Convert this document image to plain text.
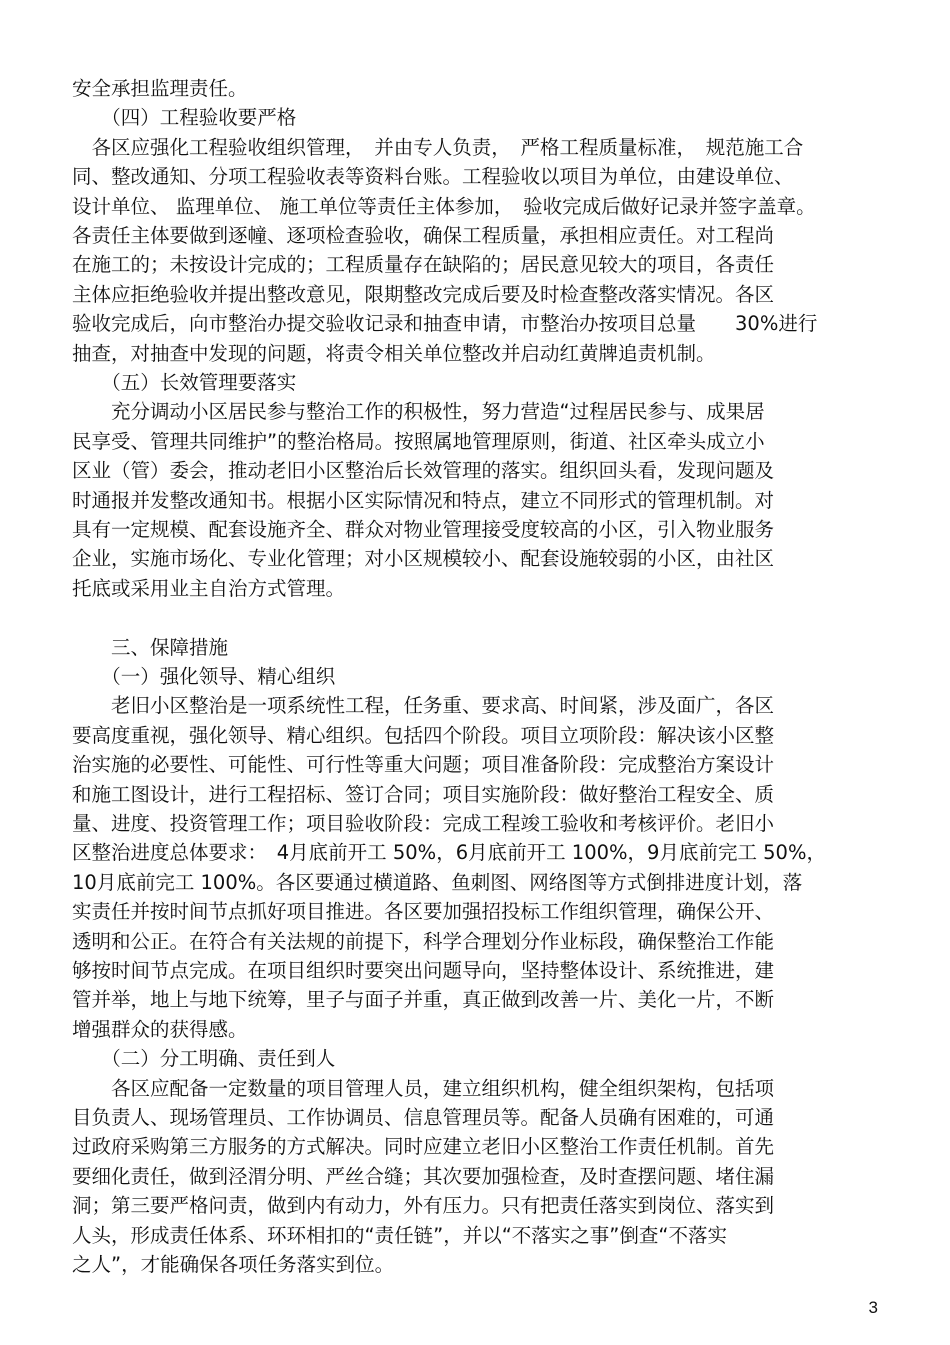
安全承担监理责任。
　　（四）工程验收要严格
　各区应强化工程验收组织管理，　并由专人负责，　严格工程质量标准，　规范施工合
同、整改通知、分项工程验收表等资料台账。工程验收以项目为单位，由建设单位、
设计单位、 监理单位、 施工单位等责任主体参加，　验收完成后做好记录并签字盖章。
各责任主体要做到逐幢、逐项检查验收，确保工程质量，承担相应责任。对工程尚
在施工的；未按设计完成的；工程质量存在缺陷的；居民意见较大的项目，各责任
主体应拒绝验收并提出整改意见，限期整改完成后要及时检查整改落实情况。各区
验收完成后，向市整治办提交验收记录和抽查申请，市整治办按项目总量　　30%进行
抽查，对抽查中发现的问题，将责令相关单位整改并启动红黄牌追责机制。
　　（五）长效管理要落实
　　充分调动小区居民参与整治工作的积极性，努力营造“过程居民参与、成果居
民享受、管理共同维护”的整治格局。按照属地管理原则，街道、社区牵头成立小
区业（管）委会，推动老旧小区整治后长效管理的落实。组织回头看，发现问题及
时通报并发整改通知书。根据小区实际情况和特点，建立不同形式的管理机制。对
具有一定规模、配套设施齐全、群众对物业管理接受度较高的小区，引入物业服务
企业，实施市场化、专业化管理；对小区规模较小、配套设施较弱的小区，由社区
托底或采用业主自治方式管理。
　　三、保障措施
　　（一）强化领导、精心组织
　　老旧小区整治是一项系统性工程，任务重、要求高、时间紧，涉及面广，各区
要高度重视，强化领导、精心组织。包括四个阶段。项目立项阶段：解决该小区整
治实施的必要性、可能性、可行性等重大问题；项目准备阶段：完成整治方案设计
和施工图设计，进行工程招标、签订合同；项目实施阶段：做好整治工程安全、质
量、进度、投资管理工作；项目验收阶段：完成工程竣工验收和考核评价。老旧小
区整治进度总体要求：　4月底前开工 50%，6月底前开工 100%，9月底前完工 50%，
10月底前完工 100%。各区要通过横道路、鱼刺图、网络图等方式倒排进度计划，落
实责任并按时间节点抓好项目推进。各区要加强招投标工作组织管理，确保公开、
透明和公正。在符合有关法规的前提下，科学合理划分作业标段，确保整治工作能
够按时间节点完成。在项目组织时要突出问题导向，坚持整体设计、系统推进，建
管并举，地上与地下统筹，里子与面子并重，真正做到改善一片、美化一片，不断
增强群众的获得感。
　　（二）分工明确、责任到人
　　各区应配备一定数量的项目管理人员，建立组织机构，健全组织架构，包括项
目负责人、现场管理员、工作协调员、信息管理员等。配备人员确有困难的，可通
过政府采购第三方服务的方式解决。同时应建立老旧小区整治工作责任机制。首先
要细化责任，做到泾渭分明、严丝合缝；其次要加强检查，及时查摆问题、堵住漏
洞；第三要严格问责，做到内有动力，外有压力。只有把责任落实到岗位、落实到
人头，形成责任体系、环环相扣的“责任链”，并以“不落实之事”倒查“不落实
之人”，才能确保各项任务落实到位。
3
